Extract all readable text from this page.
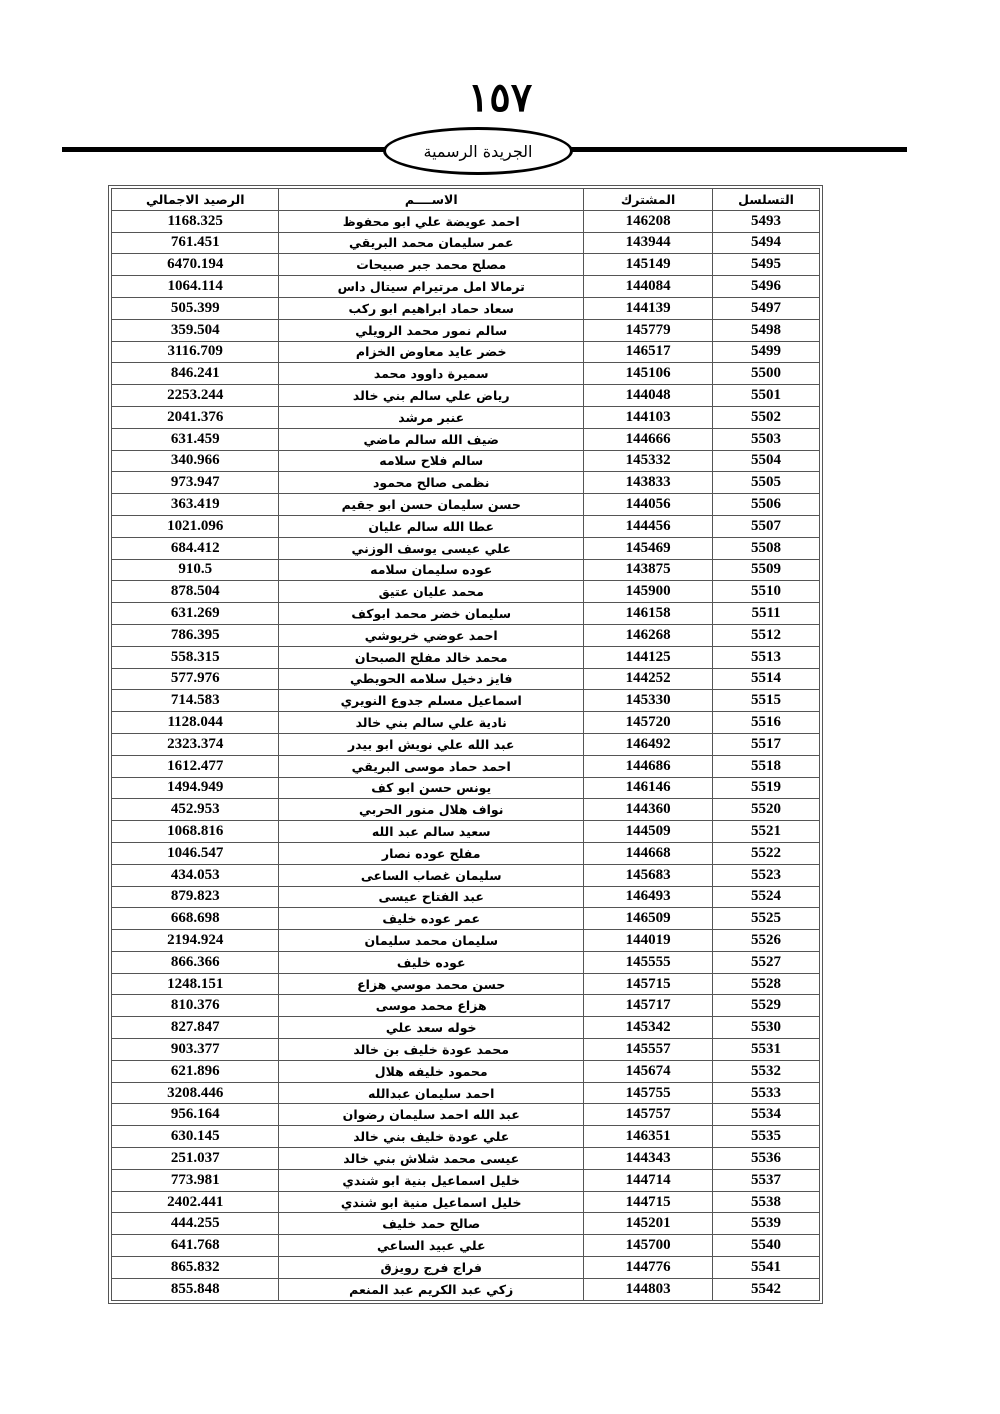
١٥٧
الجريدة الرسمية
التسلسل	المشترك	الاســــم	الرصيد الاجمالي
5493	146208	احمد عويضة علي ابو محفوظ	1168.325
5494	143944	عمر سليمان محمد البريقي	761.451
5495	145149	مصلح محمد جبر صبيحات	6470.194
5496	144084	ترمالا امل مرتيرام سيتال داس	1064.114
5497	144139	سعاد حماد ابراهيم ابو ركب	505.399
5498	145779	سالم نمور محمد الرويلي	359.504
5499	146517	خضر عايد معاوض الخزام	3116.709
5500	145106	سميرة داوود محمد	846.241
5501	144048	رياض علي سالم بني خالد	2253.244
5502	144103	عنبر مرشد	2041.376
5503	144666	ضيف الله سالم ماضي	631.459
5504	145332	سالم فلاح سلامه	340.966
5505	143833	نظمى صالح محمود	973.947
5506	144056	حسن سليمان حسن ابو جقيم	363.419
5507	144456	عطا الله سالم عليان	1021.096
5508	145469	علي عيسى يوسف الوزني	684.412
5509	143875	عوده سليمان سلامه	910.5
5510	145900	محمد عليان عتيق	878.504
5511	146158	سليمان خضر محمد ابوكف	631.269
5512	146268	احمد عوضي خريوشي	786.395
5513	144125	محمد خالد مفلح الصبحان	558.315
5514	144252	فايز دخيل سلامه الحويطي	577.976
5515	145330	اسماعيل مسلم جدوع النويري	714.583
5516	145720	نادية علي سالم بني خالد	1128.044
5517	146492	عبد الله علي نويش ابو بيدر	2323.374
5518	144686	احمد حماد موسى البريقي	1612.477
5519	146146	يونس حسن ابو كف	1494.949
5520	144360	نواف هلال منور الحربي	452.953
5521	144509	سعيد سالم عبد الله	1068.816
5522	144668	مفلح عوده نصار	1046.547
5523	145683	سليمان غصاب الساعى	434.053
5524	146493	عبد الفتاح عيسى	879.823
5525	146509	عمر عوده خليف	668.698
5526	144019	سليمان محمد سليمان	2194.924
5527	145555	عوده خليف	866.366
5528	145715	حسن محمد موسي هزاع	1248.151
5529	145717	هزاع محمد موسى	810.376
5530	145342	خوله سعد علي	827.847
5531	145557	محمد عودة خليف بن خالد	903.377
5532	145674	محمود خليفه هلال	621.896
5533	145755	احمد سليمان عبدالله	3208.446
5534	145757	عبد الله احمد سليمان رضوان	956.164
5535	146351	علي عودة خليف بني خالد	630.145
5536	144343	عيسى محمد شلاش بني خالد	251.037
5537	144714	خليل اسماعيل بنية ابو شندي	773.981
5538	144715	خليل اسماعيل منية ابو شندي	2402.441
5539	145201	صالح حمد خليف	444.255
5540	145700	علي عبيد الساعي	641.768
5541	144776	فراج فرج رويزق	865.832
5542	144803	زكي عبد الكريم عبد المنعم	855.848
